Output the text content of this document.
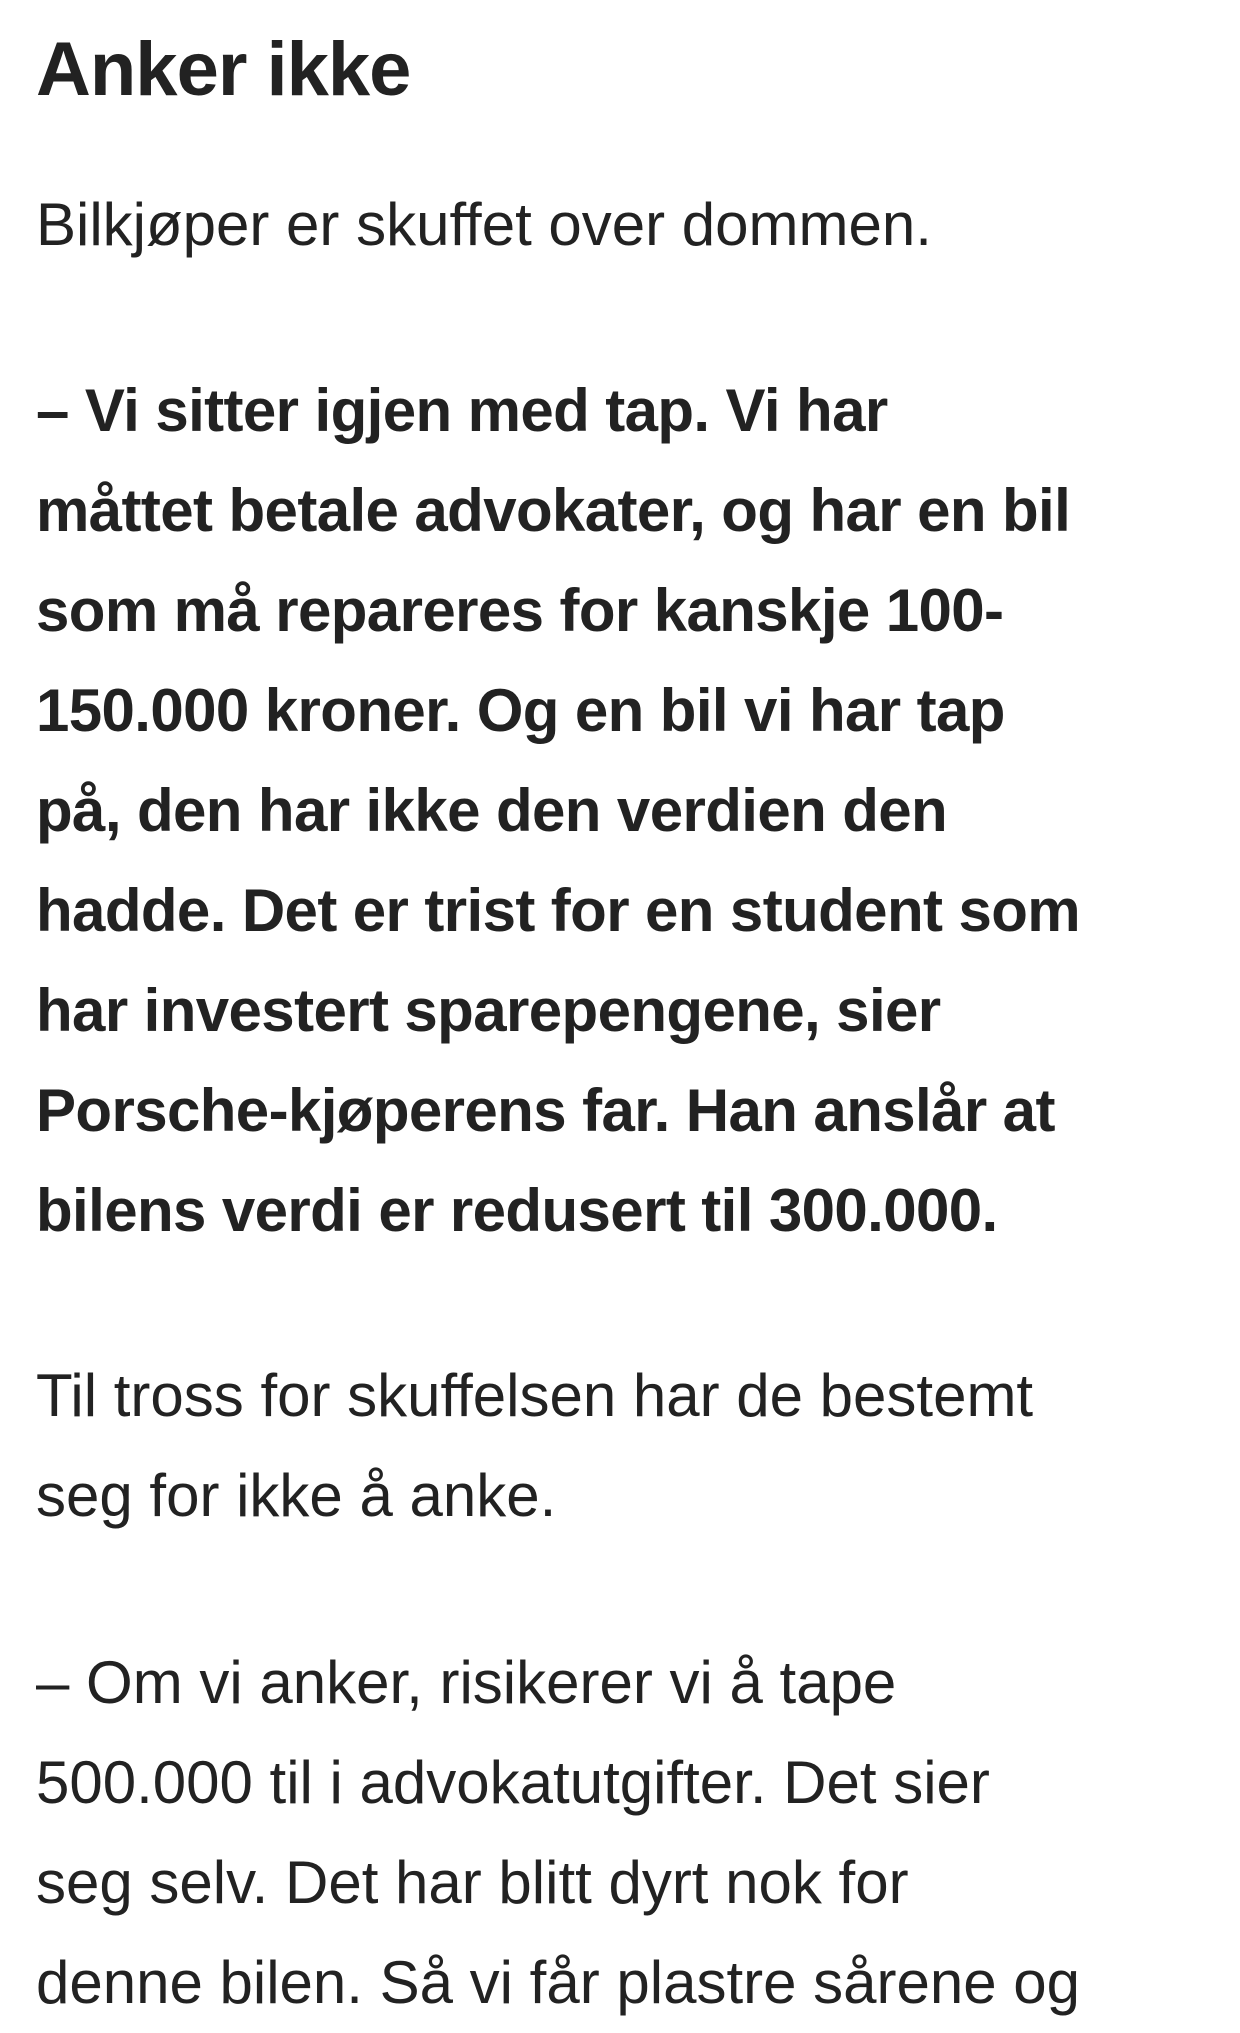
Anker ikke

Bilkjøper er skuffet over dommen.

– Vi sitter igjen med tap. Vi har
måttet betale advokater, og har en bil
som må repareres for kanskje 100-
150.000 kroner. Og en bil vi har tap
på, den har ikke den verdien den
hadde. Det er trist for en student som
har investert sparepengene, sier
Porsche-kjøperens far. Han anslår at
bilens verdi er redusert til 300.000.

Til tross for skuffelsen har de bestemt
seg for ikke å anke.

– Om vi anker, risikerer vi å tape
500.000 til i advokatutgifter. Det sier
seg selv. Det har blitt dyrt nok for
denne bilen. Så vi får plastre sårene og
